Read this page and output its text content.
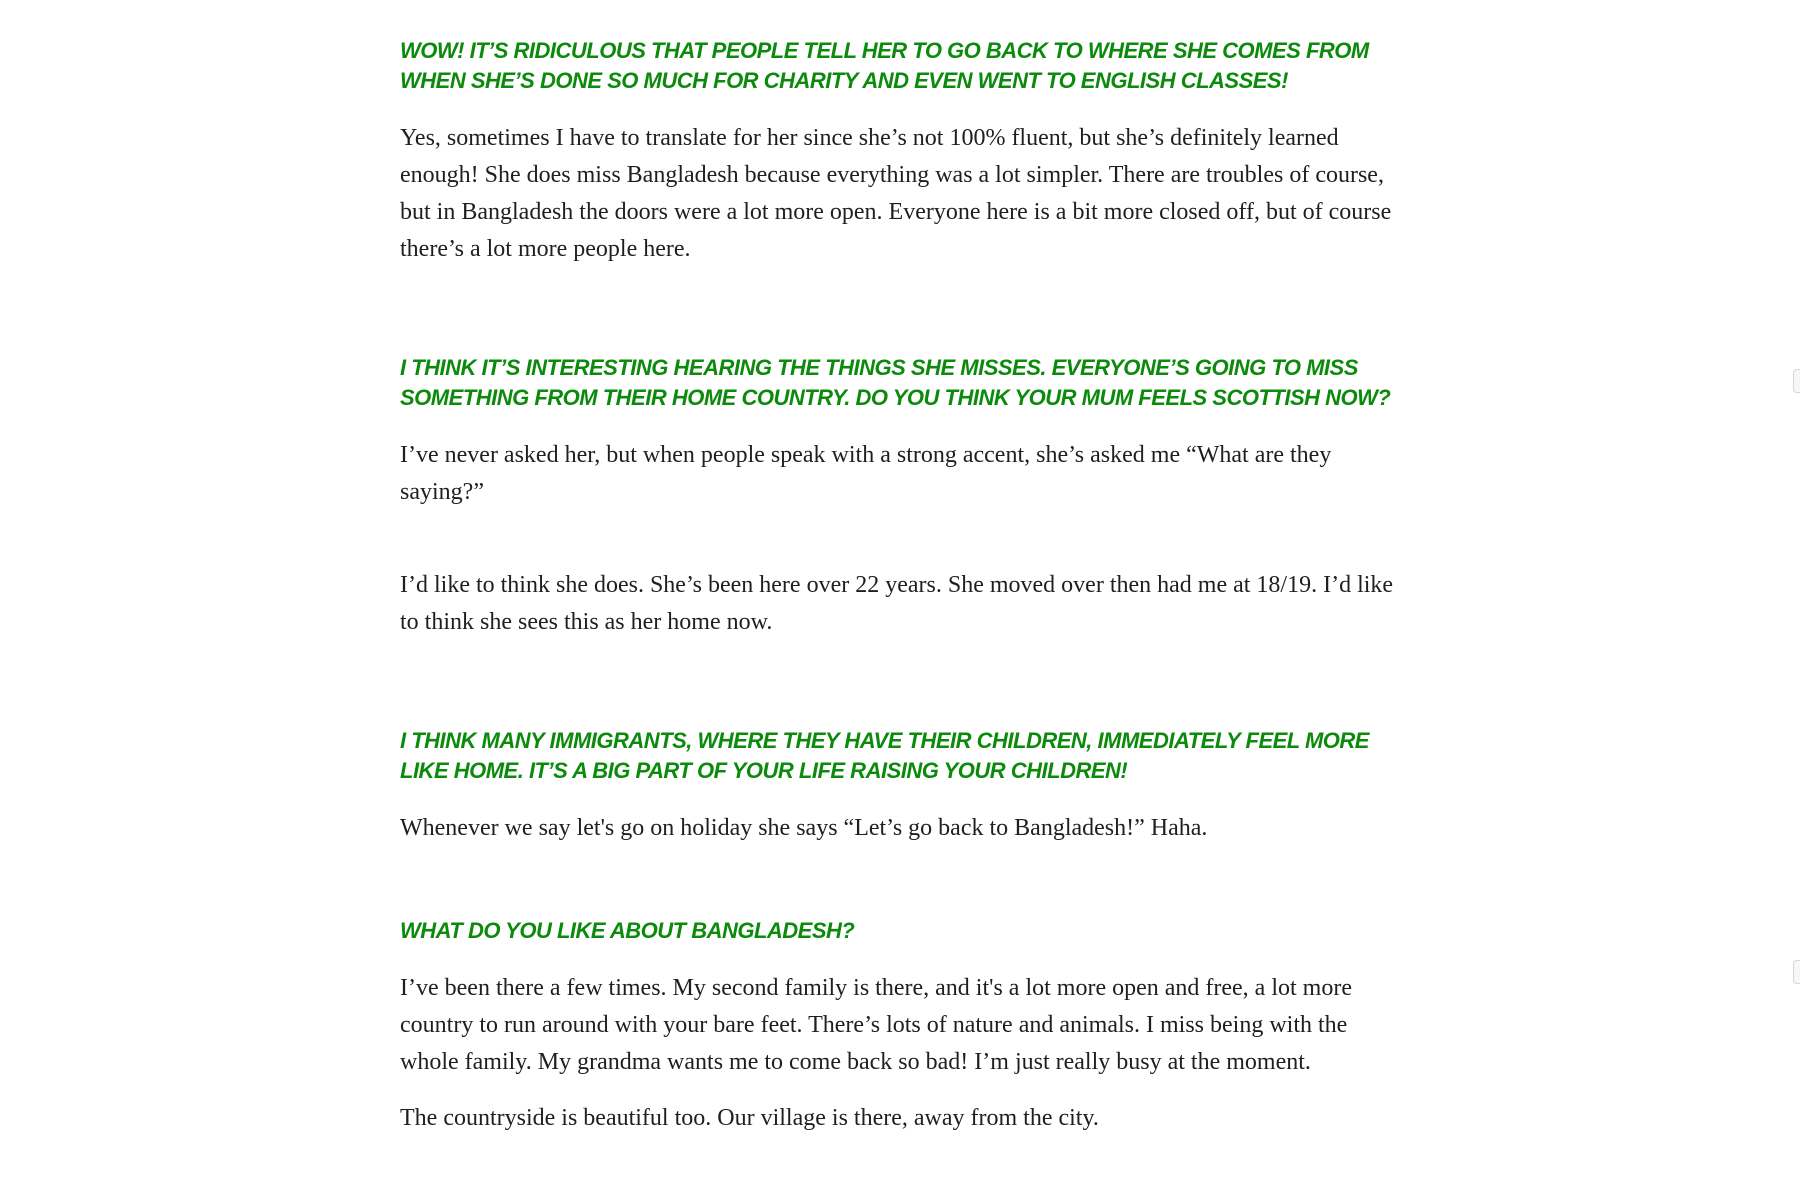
WOW! IT’S RIDICULOUS THAT PEOPLE TELL HER TO GO BACK TO WHERE SHE COMES FROM WHEN SHE’S DONE SO MUCH FOR CHARITY AND EVEN WENT TO ENGLISH CLASSES!

Yes, sometimes I have to translate for her since she’s not 100% fluent, but she’s definitely learned enough! She does miss Bangladesh because everything was a lot simpler. There are troubles of course, but in Bangladesh the doors were a lot more open. Everyone here is a bit more closed off, but of course there’s a lot more people here.

I THINK IT’S INTERESTING HEARING THE THINGS SHE MISSES. EVERYONE’S GOING TO MISS SOMETHING FROM THEIR HOME COUNTRY. DO YOU THINK YOUR MUM FEELS SCOTTISH NOW?

I’ve never asked her, but when people speak with a strong accent, she’s asked me “What are they saying?”

I’d like to think she does. She’s been here over 22 years. She moved over then had me at 18/19. I’d like to think she sees this as her home now.

I THINK MANY IMMIGRANTS, WHERE THEY HAVE THEIR CHILDREN, IMMEDIATELY FEEL MORE LIKE HOME. IT’S A BIG PART OF YOUR LIFE RAISING YOUR CHILDREN!

Whenever we say let's go on holiday she says “Let’s go back to Bangladesh!” Haha.

WHAT DO YOU LIKE ABOUT BANGLADESH?

I’ve been there a few times. My second family is there, and it's a lot more open and free, a lot more country to run around with your bare feet. There’s lots of nature and animals. I miss being with the whole family. My grandma wants me to come back so bad! I’m just really busy at the moment.

The countryside is beautiful too. Our village is there, away from the city.
